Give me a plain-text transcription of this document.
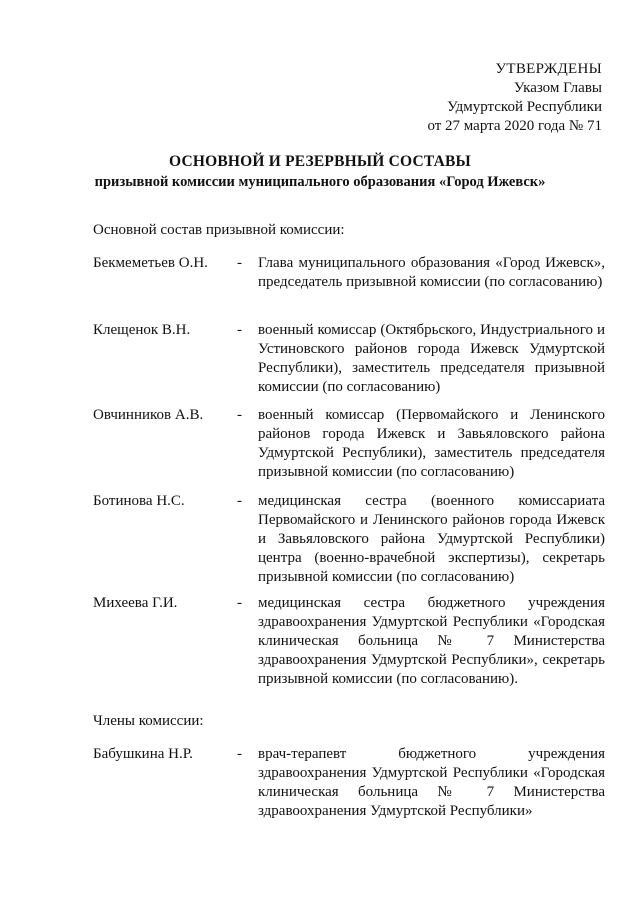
УТВЕРЖДЕНЫ
Указом Главы
Удмуртской Республики
от 27 марта 2020 года № 71
ОСНОВНОЙ И РЕЗЕРВНЫЙ СОСТАВЫ
призывной комиссии муниципального образования «Город Ижевск»
Основной состав призывной комиссии:
Бекмеметьев О.Н.	- Глава муниципального образования «Город Ижевск», председатель призывной комиссии (по согласованию)
Клещенок В.Н.	- военный комиссар (Октябрьского, Индустриального и Устиновского районов города Ижевск Удмуртской Республики), заместитель председателя призывной комиссии (по согласованию)
Овчинников А.В.	- военный комиссар (Первомайского и Ленинского районов города Ижевск и Завьяловского района Удмуртской Республики), заместитель председателя призывной комиссии (по согласованию)
Ботинова Н.С.	- медицинская сестра (военного комиссариата Первомайского и Ленинского районов города Ижевск и Завьяловского района Удмуртской Республики) центра (военно-врачебной экспертизы), секретарь призывной комиссии (по согласованию)
Михеева Г.И.	- медицинская сестра бюджетного учреждения здравоохранения Удмуртской Республики «Городская клиническая больница № 7 Министерства здравоохранения Удмуртской Республики», секретарь призывной комиссии (по согласованию).
Члены комиссии:
Бабушкина Н.Р.	- врач-терапевт бюджетного учреждения здравоохранения Удмуртской Республики «Городская клиническая больница № 7 Министерства здравоохранения Удмуртской Республики»
